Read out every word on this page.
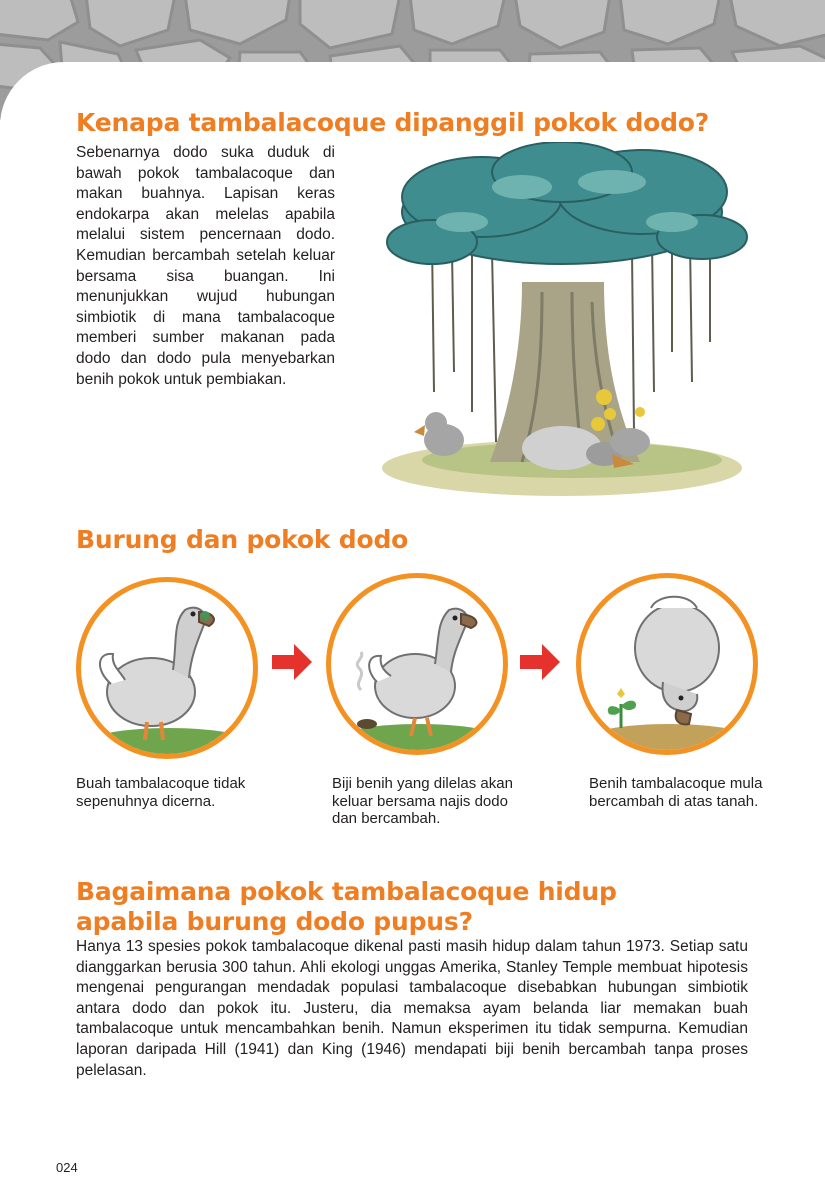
Kenapa tambalacoque dipanggil pokok dodo?

Sebenarnya dodo suka duduk di bawah pokok tambalacoque dan makan buahnya. Lapisan keras endokarpa akan melelas apabila melalui sistem pencernaan dodo. Kemudian bercambah setelah keluar bersama sisa buangan. Ini menunjukkan wujud hubungan simbiotik di mana tambalacoque memberi sumber makanan pada dodo dan dodo pula menyebarkan benih pokok untuk pembiakan.

Burung dan pokok dodo

Buah tambalacoque tidak sepenuhnya dicerna.

Biji benih yang dilelas akan keluar bersama najis dodo dan bercambah.

Benih tambalacoque mula bercambah di atas tanah.

Bagaimana pokok tambalacoque hidup apabila burung dodo pupus?

Hanya 13 spesies pokok tambalacoque dikenal pasti masih hidup dalam tahun 1973. Setiap satu dianggarkan berusia 300 tahun. Ahli ekologi unggas Amerika, Stanley Temple membuat hipotesis mengenai pengurangan mendadak populasi tambalacoque disebabkan hubungan simbiotik antara dodo dan pokok itu. Justeru, dia memaksa ayam belanda liar memakan buah tambalacoque untuk mencambahkan benih. Namun eksperimen itu tidak sempurna. Kemudian laporan daripada Hill (1941) dan King (1946) mendapati biji benih bercambah tanpa proses pelelasan.

024
